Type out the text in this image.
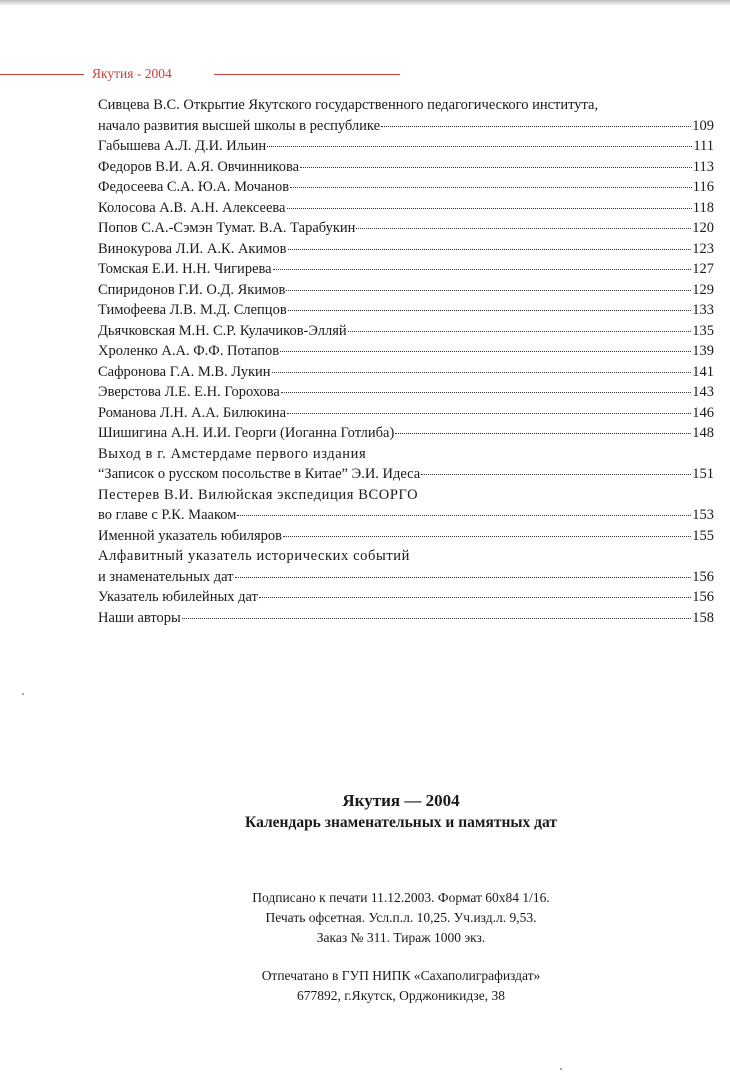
Якутия - 2004
Сивцева В.С. Открытие Якутского государственного педагогического института,
начало развития высшей школы в республике	109
Габышева А.Л. Д.И. Ильин	111
Федоров В.И. А.Я. Овчинникова	113
Федосеева С.А. Ю.А. Мочанов	116
Колосова А.В. А.Н. Алексеева	118
Попов С.А.-Сэмэн Тумат. В.А. Тарабукин	120
Винокурова Л.И. А.К. Акимов	123
Томская Е.И. Н.Н. Чигирева	127
Спиридонов Г.И. О.Д. Якимов	129
Тимофеева Л.В. М.Д. Слепцов	133
Дьячковская М.Н. С.Р. Кулачиков-Элляй	135
Хроленко А.А. Ф.Ф. Потапов	139
Сафронова Г.А. М.В. Лукин	141
Эверстова Л.Е. Е.Н. Горохова	143
Романова Л.Н. А.А. Билюкина	146
Шишигина А.Н. И.И. Георги (Иоганна Готлиба)	148
Выход в г. Амстердаме первого издания
“Записок о русском посольстве в Китае” Э.И. Идеса	151
Пестерев В.И. Вилюйская экспедиция ВСОРГО
во главе с Р.К. Мааком	153
Именной указатель юбиляров	155
Алфавитный указатель исторических событий
и знаменательных дат	156
Указатель юбилейных дат	156
Наши авторы	158

Якутия — 2004

Календарь знаменательных и памятных дат

Подписано к печати 11.12.2003. Формат 60x84 1/16.
Печать офсетная. Усл.п.л. 10,25. Уч.изд.л. 9,53.
Заказ № 311. Тираж 1000 экз.
Отпечатано в ГУП НИПК «Сахаполиграфиздат»
677892, г.Якутск, Орджоникидзе, 38
